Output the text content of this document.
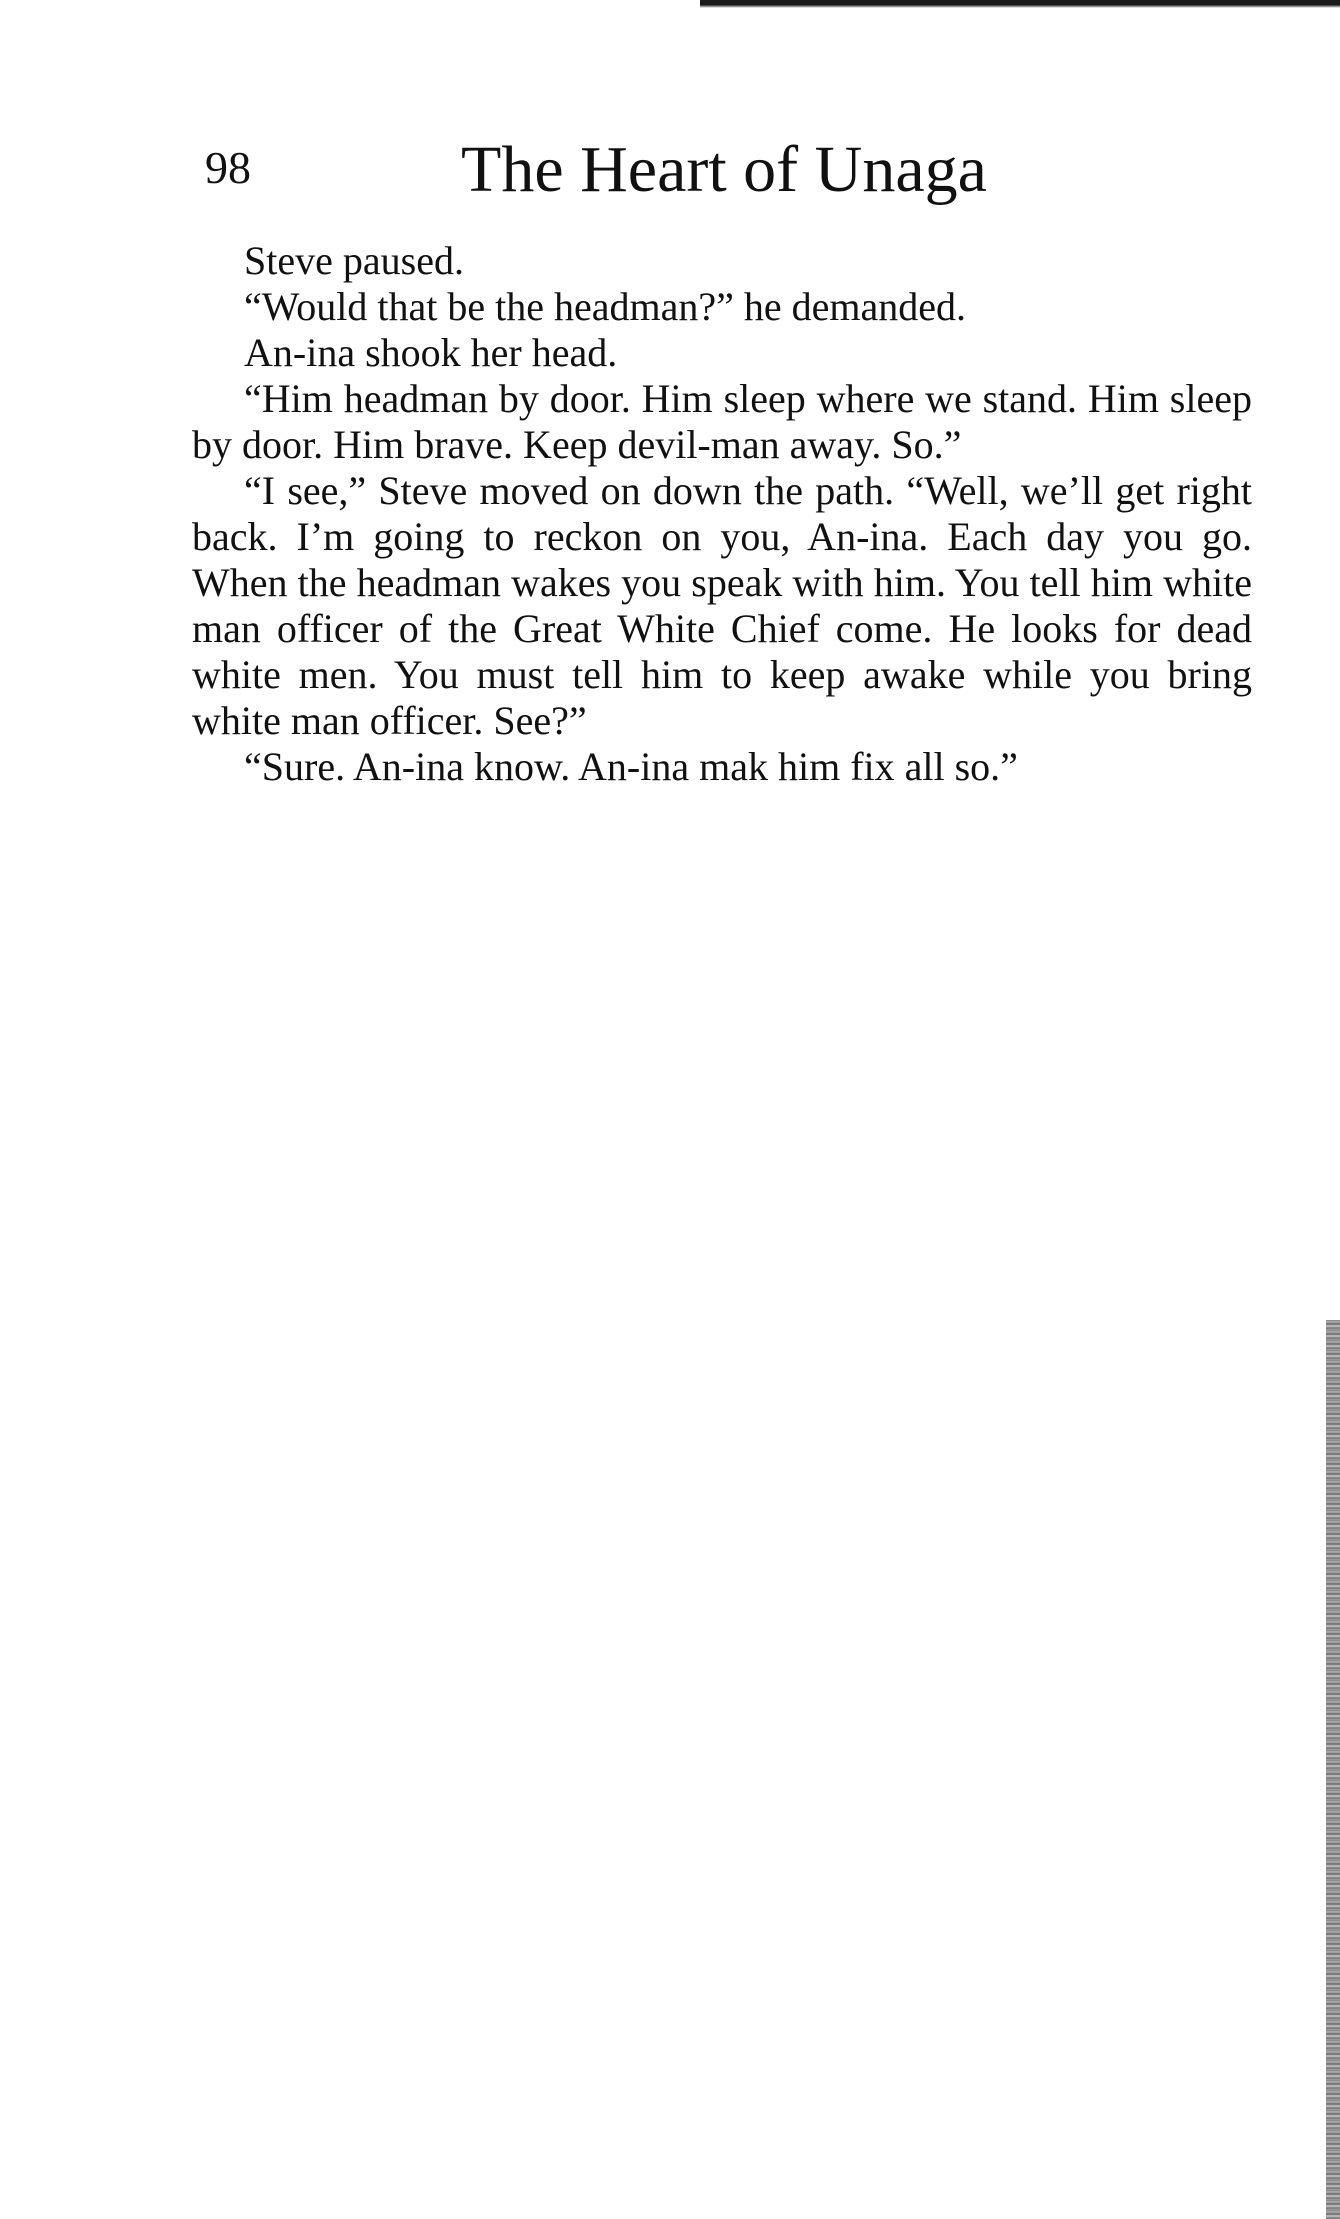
98	The Heart of Unaga

Steve paused.

“Would that be the headman?” he demanded.

An-ina shook her head.

“Him headman by door. Him sleep where we stand. Him sleep by door. Him brave. Keep devil-man away. So.”

“I see,” Steve moved on down the path. “Well, we’ll get right back. I’m going to reckon on you, An-ina. Each day you go. When the headman wakes you speak with him. You tell him white man officer of the Great White Chief come. He looks for dead white men. You must tell him to keep awake while you bring white man officer. See?”

“Sure. An-ina know. An-ina mak him fix all so.”
